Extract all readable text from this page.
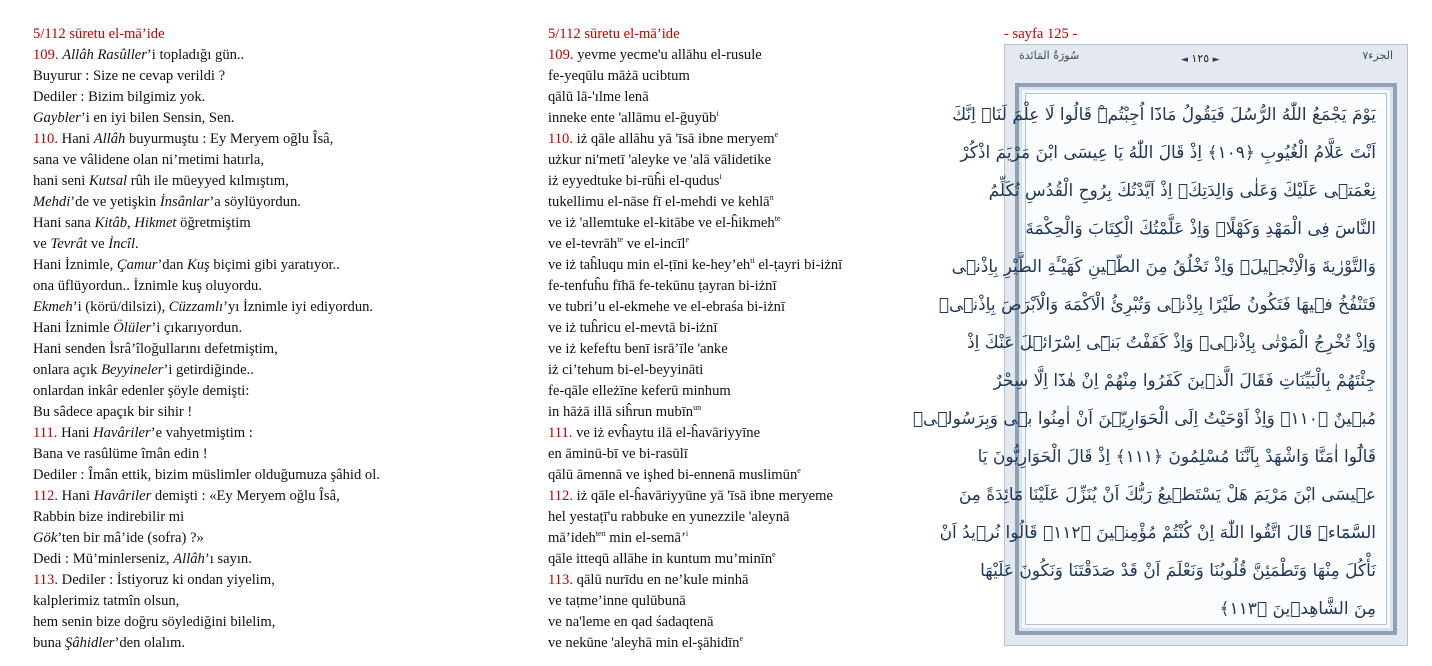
5/112 sūretu el-mā’ide
109. Allâh Rasûller’i topladığı gün..
Buyurur : Size ne cevap verildi ?
Dediler : Bizim bilgimiz yok.
Gaybler’i en iyi bilen Sensin, Sen.
110. Hani Allâh buyurmuştu : Ey Meryem oğlu Îsâ,
sana ve vâlidene olan ni’metimi hatırla,
hani seni Kutsal rûh ile müeyyed kılmıştım,
Mehdi’de ve yetişkin İnsânlar’a söylüyordun.
Hani sana Kitâb, Hikmet öğretmiştim
ve Tevrât ve İncîl.
Hani İznimle, Çamur’dan Kuş biçimi gibi yaratıyor..
ona üflüyordun.. İznimle kuş oluyordu.
Ekmeh’i (körü/dilsizi), Cüzzamlı’yı İznimle iyi ediyordun.
Hani İznimle Ölüler’i çıkarıyordun.
Hani senden İsrâ’îloğullarını defetmiştim,
onlara açık Beyyineler’i getirdiğinde..
onlardan inkâr edenler şöyle demişti:
Bu sâdece apaçık bir sihir !
111. Hani Havâriler’e vahyetmiştim :
Bana ve rasûlüme îmân edin !
Dediler : Îmân ettik, bizim müslimler olduğumuza şâhid ol.
112. Hani Havâriler demişti : «Ey Meryem oğlu Îsâ,
Rabbin bize indirebilir mi
Gök’ten bir mâ’ide (sofra) ?»
Dedi : Mü’minlerseniz, Allâh’ı sayın.
113. Dediler : İstiyoruz ki ondan yiyelim,
kalplerimiz tatmîn olsun,
hem senin bize doğru söylediğini bilelim,
buna Şâhidler’den olalım.
5/112 sūretu el-mā’ide
109. yevme yecme'u allāhu el-rusule
fe-yeqūlu māżā ucibtum
qālū lā-'ılme lenā
inneke ente 'allāmu el-ğuyūb$^i$
110. iż qāle allāhu yā 'īsā ibne meryem$^e$
użkur ni'metī 'aleyke ve 'alā vālidetike
iż eyyedtuke bi-rūĥi el-qudus$^i$
tukellimu el-nāse fī el-mehdi ve kehlā$^n$
ve iż 'allemtuke el-kitābe ve el-ĥikmeh$^{te}$
ve el-tevrāh$^{te}$ ve el-incīl$^e$
ve iż taĥluqu min el-ṭīni $ke-hey’eh^{ti}$ el-ṭayri bi-iżnī
fe-tenfuĥu fīhā fe-tekūnu ṭayran bi-iżnī
ve tubri’u el-ekmehe ve el-ebraśa bi-iżnī
ve iż tuĥricu el-mevtā bi-iżnī
ve iż kefeftu benī isrā’īle 'anke
iż ci’tehum bi-el-beyyināti
fe-qāle elleżīne keferū minhum
in hāżā illā siĥrun mubīn$^{un}$
111. ve iż evĥaytu ilā el-ĥavāriyyīne
en āminū-bī ve bi-rasūlī
qālū āmennā ve işhed bi-ennenā muslimūn$^e$
112. iż qāle el-ĥavāriyyūne yā 'īsā ibne meryeme
hel yestaṭī'u rabbuke en yunezzile 'aleynā
mā’ideh$^{ten}$ min el-semā’$^i$
qāle itteqū allāhe in kuntum mu’minīn$^e$
113. qālū nurīdu en ne’kule minhā
ve taṭme’inne qulūbunā
ve na'leme en qad śadaqtenā
ve nekūne 'aleyhā min el-şāhidīn$^e$
- sayfa 125 -
الجزء٧
◄ ١٢٥ ►
سُورَةُ المَائدة
يَوْمَ يَجْمَعُ اللّٰهُ الرُّسُلَ فَيَقُولُ مَاذَٓا اُجِبْتُمْۜ قَالُوا لَا عِلْمَ لَنَاۜ اِنَّكَ
اَنْتَ عَلَّامُ الْغُيُوبِ ﴿١٠٩﴾ اِذْ قَالَ اللّٰهُ يَا عِيسَى ابْنَ مَرْيَمَ اذْكُرْ
نِعْمَتٖى عَلَيْكَ وَعَلٰى وَالِدَتِكَۢ اِذْ اَيَّدْتُكَ بِرُوحِ الْقُدُسِ تُكَلِّمُ
النَّاسَ فِى الْمَهْدِ وَكَهْلًاۚ وَاِذْ عَلَّمْتُكَ الْكِتَابَ وَالْحِكْمَةَ
وَالتَّوْرٰيةَ وَالْاِنْجٖيلَۚ وَاِذْ تَخْلُقُ مِنَ الطّٖينِ كَهَيْـَٔةِ الطَّيْرِ بِاِذْنٖى
فَتَنْفُخُ فٖيهَا فَتَكُونُ طَيْرًا بِاِذْنٖى وَتُبْرِئُ الْاَكْمَهَ وَالْاَبْرَصَ بِاِذْنٖىۚ
وَاِذْ تُخْرِجُ الْمَوْتٰى بِاِذْنٖىۚ وَاِذْ كَفَفْتُ بَنٖٓى اِسْرَٓائٖلَ عَنْكَ اِذْ
جِئْتَهُمْ بِالْبَيِّنَاتِ فَقَالَ الَّذٖينَ كَفَرُوا مِنْهُمْ اِنْ هٰذَٓا اِلَّا سِحْرٌ
مُبٖينٌ ﴿١١٠﴾ وَاِذْ اَوْحَيْتُ اِلَى الْحَوَارِيّٖنَ اَنْ اٰمِنُوا بٖى وَبِرَسُولٖىۚ
قَالُٓوا اٰمَنَّا وَاشْهَدْ بِاَنَّنَا مُسْلِمُونَ ﴿١١١﴾ اِذْ قَالَ الْحَوَارِيُّونَ يَا
عٖيسَى ابْنَ مَرْيَمَ هَلْ يَسْتَطٖيعُ رَبُّكَ اَنْ يُنَزِّلَ عَلَيْنَا مَٓائِدَةً مِنَ
السَّمَٓاءِۜ قَالَ اتَّقُوا اللّٰهَ اِنْ كُنْتُمْ مُؤْمِنٖينَ ﴿١١٢﴾ قَالُوا نُرٖيدُ اَنْ
نَأْكُلَ مِنْهَا وَتَطْمَئِنَّ قُلُوبُنَا وَنَعْلَمَ اَنْ قَدْ صَدَقْتَنَا وَنَكُونَ عَلَيْهَا
مِنَ الشَّاهِدٖينَ ﴿١١٣﴾
